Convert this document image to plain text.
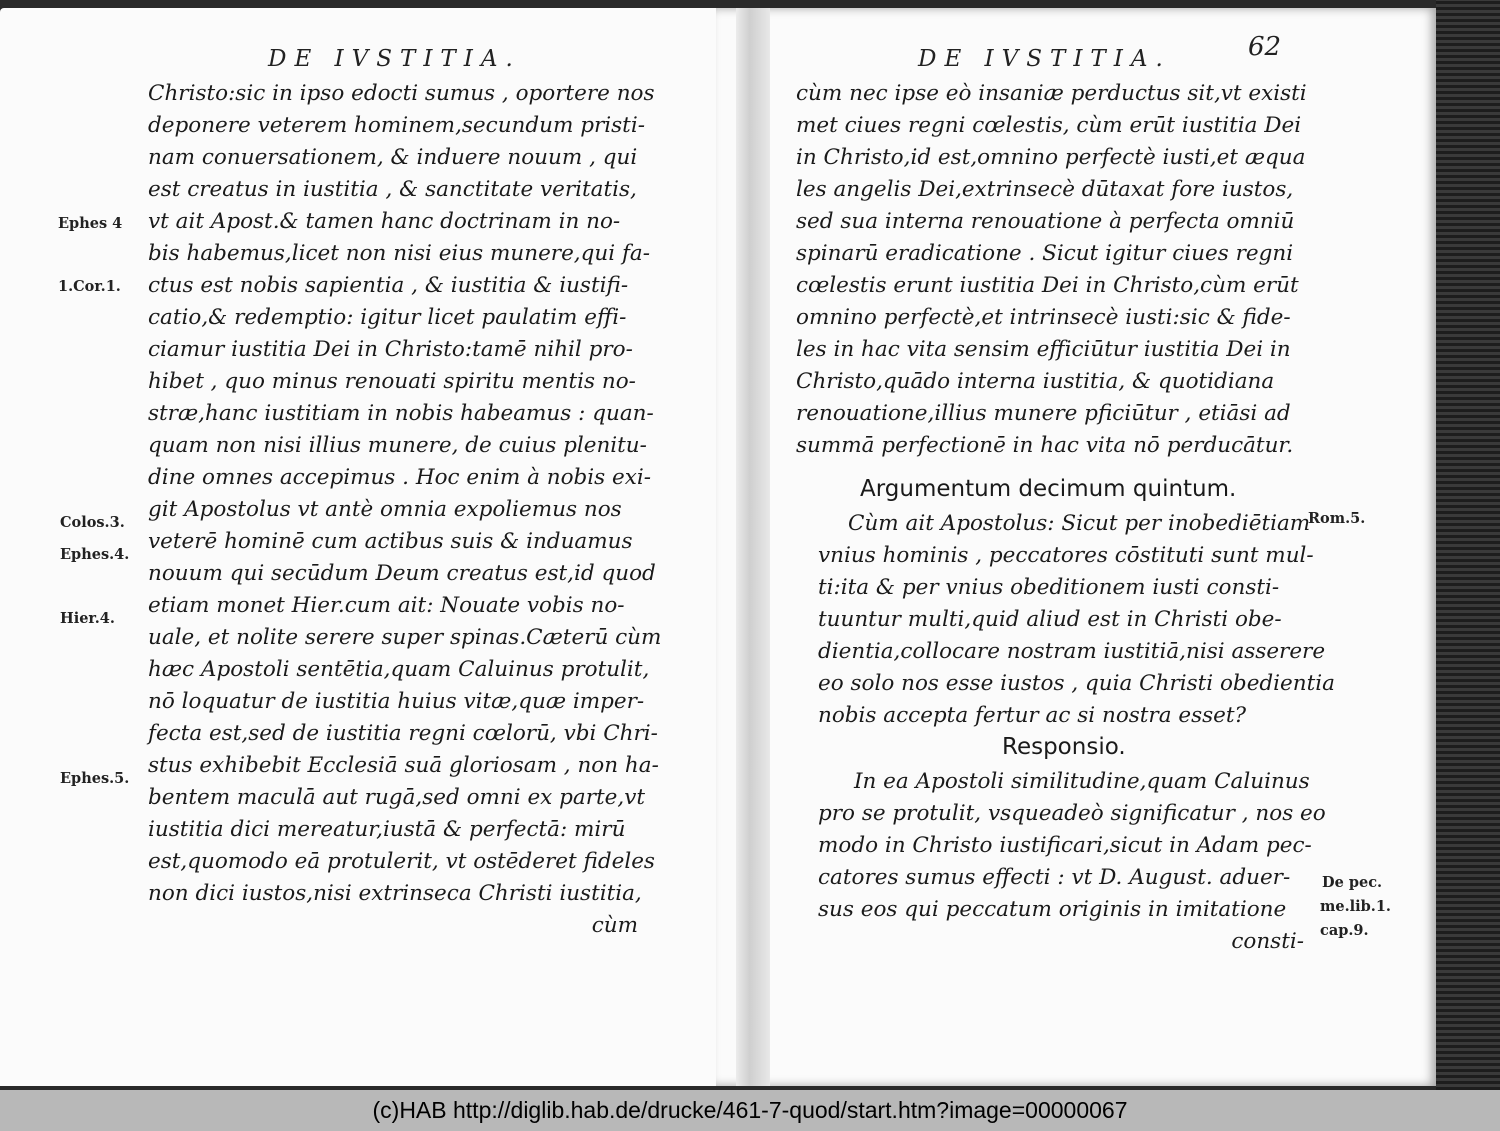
DE IVSTITIA.
Christo:sic in ipso edocti sumus , oportere nos
deponere veterem hominem,secundum pristi-
nam conuersationem, & induere nouum , qui
est creatus in iustitia , & sanctitate veritatis,
vt ait Apost.& tamen hanc doctrinam in no-
bis habemus,licet non nisi eius munere,qui fa-
ctus est nobis sapientia , & iustitia & iustifi-
catio,& redemptio: igitur licet paulatim effi-
ciamur iustitia Dei in Christo:tamē nihil pro-
hibet , quo minus renouati spiritu mentis no-
stræ,hanc iustitiam in nobis habeamus : quan-
quam non nisi illius munere, de cuius plenitu-
dine omnes accepimus . Hoc enim à nobis exi-
git Apostolus vt antè omnia expoliemus nos
veterē hominē cum actibus suis & induamus
nouum qui secūdum Deum creatus est,id quod
etiam monet Hier.cum ait: Nouate vobis no-
uale, et nolite serere super spinas.Cæterū cùm
hæc Apostoli sentētia,quam Caluinus protulit,
nō loquatur de iustitia huius vitæ,quæ imper-
fecta est,sed de iustitia regni cœlorū, vbi Chri-
stus exhibebit Ecclesiā suā gloriosam , non ha-
bentem maculā aut rugā,sed omni ex parte,vt
iustitia dici mereatur,iustā & perfectā: mirū
est,quomodo eā protulerit, vt ostēderet fideles
non dici iustos,nisi extrinseca Christi iustitia,
cùm
Ephes 4
1.Cor.1.
Colos.3.
Ephes.4.
Hier.4.
Ephes.5.
DE IVSTITIA.	62
cùm nec ipse eò insaniæ perductus sit,vt existi
met ciues regni cœlestis, cùm erūt iustitia Dei
in Christo,id est,omnino perfectè iusti,et æqua
les angelis Dei,extrinsecè dūtaxat fore iustos,
sed sua interna renouatione à perfecta omniū
spinarū eradicatione . Sicut igitur ciues regni
cœlestis erunt iustitia Dei in Christo,cùm erūt
omnino perfectè,et intrinsecè iusti:sic & fide-
les in hac vita sensim efficiūtur iustitia Dei in
Christo,quādo interna iustitia, & quotidiana
renouatione,illius munere pficiūtur , etiāsi ad
summā perfectionē in hac vita nō perducātur.
Argumentum decimum quintum.
Cùm ait Apostolus: Sicut per inobediētiam
vnius hominis , peccatores cōstituti sunt mul-
ti:ita & per vnius obeditionem iusti consti-
tuuntur multi,quid aliud est in Christi obe-
dientia,collocare nostram iustitiā,nisi asserere
eo solo nos esse iustos , quia Christi obedientia
nobis accepta fertur ac si nostra esset?
Responsio.
In ea Apostoli similitudine,quam Caluinus
pro se protulit, vsqueadeò significatur , nos eo
modo in Christo iustificari,sicut in Adam pec-
catores sumus effecti : vt D. August. aduer-
sus eos qui peccatum originis in imitatione
consti-
Rom.5.
De pec.
me.lib.1.
cap.9.
(c)HAB http://diglib.hab.de/drucke/461-7-quod/start.htm?image=00000067
